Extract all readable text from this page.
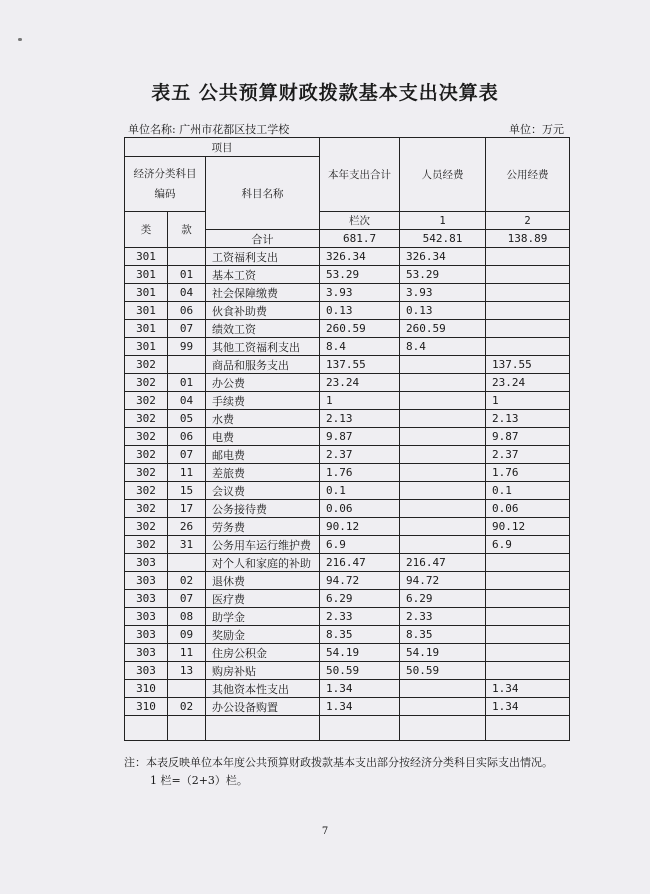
表五 公共预算财政拨款基本支出决算表
单位名称: 广州市花都区技工学校	单位：万元
项目			本年支出合计	人员经费	公用经费	
经济分类科目编码		科目名称				
类	款		栏次	1	2	
		合计	681.7	542.81	138.89	
301		工资福利支出	326.34	326.34		
301	01	基本工资	53.29	53.29		
301	04	社会保障缴费	3.93	3.93		
301	06	伙食补助费	0.13	0.13		
301	07	绩效工资	260.59	260.59		
301	99	其他工资福利支出	8.4	8.4		
302		商品和服务支出	137.55		137.55	
302	01	办公费	23.24		23.24	
302	04	手续费	1		1	
302	05	水费	2.13		2.13	
302	06	电费	9.87		9.87	
302	07	邮电费	2.37		2.37	
302	11	差旅费	1.76		1.76	
302	15	会议费	0.1		0.1	
302	17	公务接待费	0.06		0.06	
302	26	劳务费	90.12		90.12	
302	31	公务用车运行维护费	6.9		6.9	
303		对个人和家庭的补助	216.47	216.47		
303	02	退休费	94.72	94.72		
303	07	医疗费	6.29	6.29		
303	08	助学金	2.33	2.33		
303	09	奖励金	8.35	8.35		
303	11	住房公积金	54.19	54.19		
303	13	购房补贴	50.59	50.59		
310		其他资本性支出	1.34		1.34	
310	02	办公设备购置	1.34		1.34	

注：本表反映单位本年度公共预算财政拨款基本支出部分按经济分类科目实际支出情况。
1 栏=（2+3）栏。
7
